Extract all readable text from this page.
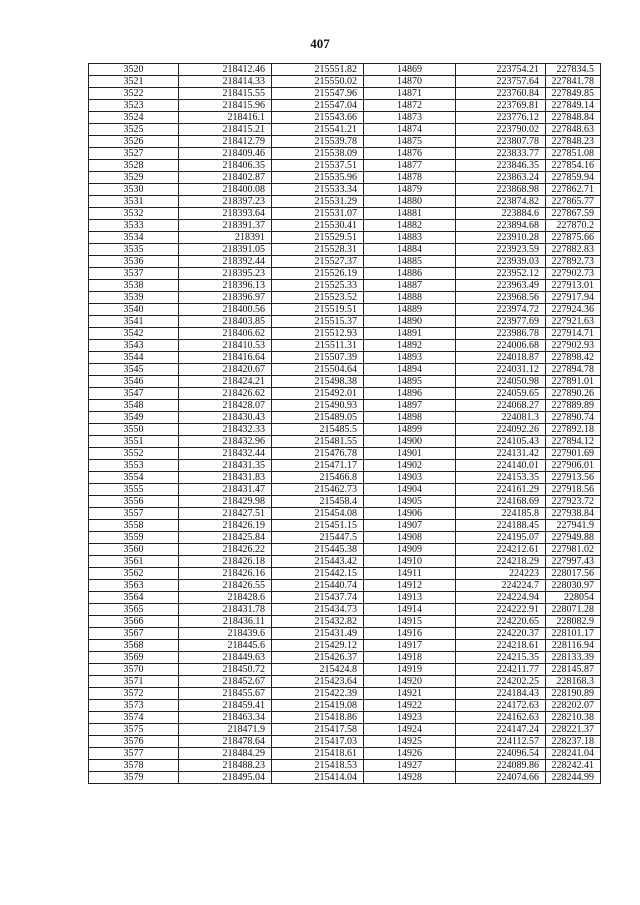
407
3520	218412.46	215551.82	14869	223754.21	227834.5
3521	218414.33	215550.02	14870	223757.64	227841.78
3522	218415.55	215547.96	14871	223760.84	227849.85
3523	218415.96	215547.04	14872	223769.81	227849.14
3524	218416.1	215543.66	14873	223776.12	227848.84
3525	218415.21	215541.21	14874	223790.02	227848.63
3526	218412.79	215539.78	14875	223807.78	227848.23
3527	218409.46	215538.09	14876	223833.77	227851.08
3528	218406.35	215537.51	14877	223846.35	227854.16
3529	218402.87	215535.96	14878	223863.24	227859.94
3530	218400.08	215533.34	14879	223868.98	227862.71
3531	218397.23	215531.29	14880	223874.82	227865.77
3532	218393.64	215531.07	14881	223884.6	227867.59
3533	218391.37	215530.41	14882	223894.68	227870.2
3534	218391	215529.51	14883	223910.28	227875.66
3535	218391.05	215528.31	14884	223923.59	227882.83
3536	218392.44	215527.37	14885	223939.03	227892.73
3537	218395.23	215526.19	14886	223952.12	227902.73
3538	218396.13	215525.33	14887	223963.49	227913.01
3539	218396.97	215523.52	14888	223968.56	227917.94
3540	218400.56	215519.51	14889	223974.72	227924.36
3541	218403.85	215515.37	14890	223977.69	227921.63
3542	218406.62	215512.93	14891	223986.78	227914.71
3543	218410.53	215511.31	14892	224006.68	227902.93
3544	218416.64	215507.39	14893	224018.87	227898.42
3545	218420.67	215504.64	14894	224031.12	227894.78
3546	218424.21	215498.38	14895	224050.98	227891.01
3547	218426.62	215492.01	14896	224059.65	227890.26
3548	218428.07	215490.93	14897	224068.27	227889.89
3549	218430.43	215489.05	14898	224081.3	227890.74
3550	218432.33	215485.5	14899	224092.26	227892.18
3551	218432.96	215481.55	14900	224105.43	227894.12
3552	218432.44	215476.78	14901	224131.42	227901.69
3553	218431.35	215471.17	14902	224140.01	227906.01
3554	218431.83	215466.8	14903	224153.35	227913.56
3555	218431.47	215462.73	14904	224161.29	227918.56
3556	218429.98	215458.4	14905	224168.69	227923.72
3557	218427.51	215454.08	14906	224185.8	227938.84
3558	218426.19	215451.15	14907	224188.45	227941.9
3559	218425.84	215447.5	14908	224195.07	227949.88
3560	218426.22	215445.38	14909	224212.61	227981.02
3561	218426.18	215443.42	14910	224218.29	227997.43
3562	218426.16	215442.15	14911	224223	228017.56
3563	218426.55	215440.74	14912	224224.7	228030.97
3564	218428.6	215437.74	14913	224224.94	228054
3565	218431.78	215434.73	14914	224222.91	228071.28
3566	218436.11	215432.82	14915	224220.65	228082.9
3567	218439.6	215431.49	14916	224220.37	228101.17
3568	218445.6	215429.12	14917	224218.61	228116.94
3569	218449.63	215426.37	14918	224215.35	228133.39
3570	218450.72	215424.8	14919	224211.77	228145.87
3571	218452.67	215423.64	14920	224202.25	228168.3
3572	218455.67	215422.39	14921	224184.43	228190.89
3573	218459.41	215419.08	14922	224172.63	228202.07
3574	218463.34	215418.86	14923	224162.63	228210.38
3575	218471.9	215417.58	14924	224147.24	228221.37
3576	218478.64	215417.03	14925	224112.57	228237.18
3577	218484.29	215418.61	14926	224096.54	228241.04
3578	218488.23	215418.53	14927	224089.86	228242.41
3579	218495.04	215414.04	14928	224074.66	228244.99
